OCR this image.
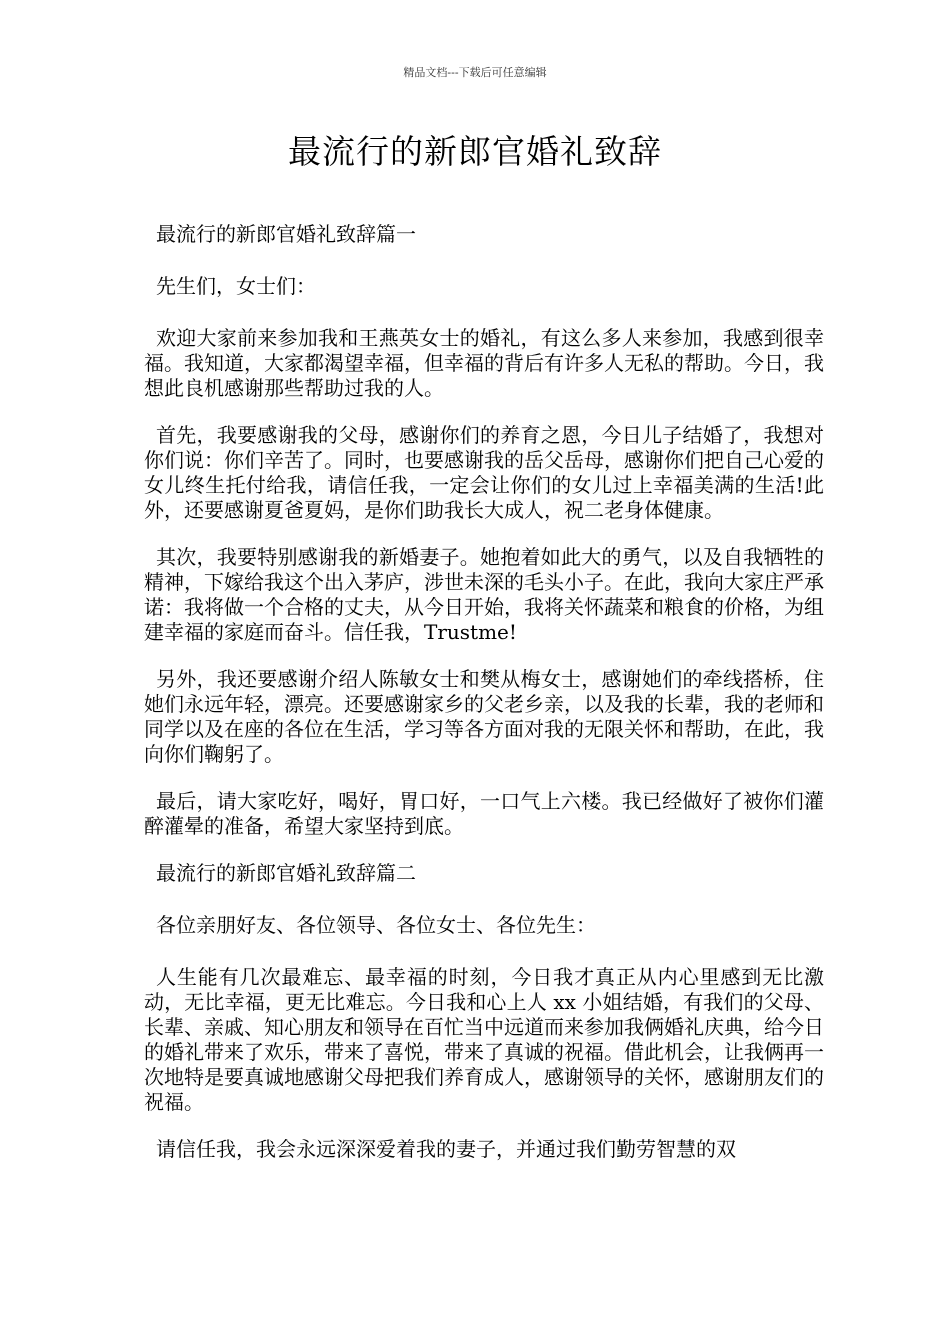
精品文档---下载后可任意编辑
最流行的新郎官婚礼致辞

最流行的新郎官婚礼致辞篇一

先生们，女士们：

欢迎大家前来参加我和王燕英女士的婚礼，有这么多人来参加，我感到很幸福。我知道，大家都渴望幸福，但幸福的背后有许多人无私的帮助。今日，我想此良机感谢那些帮助过我的人。

首先，我要感谢我的父母，感谢你们的养育之恩，今日儿子结婚了，我想对你们说：你们辛苦了。同时，也要感谢我的岳父岳母，感谢你们把自己心爱的女儿终生托付给我，请信任我，一定会让你们的女儿过上幸福美满的生活!此外，还要感谢夏爸夏妈，是你们助我长大成人，祝二老身体健康。

其次，我要特别感谢我的新婚妻子。她抱着如此大的勇气，以及自我牺牲的精神，下嫁给我这个出入茅庐，涉世未深的毛头小子。在此，我向大家庄严承诺：我将做一个合格的丈夫，从今日开始，我将关怀蔬菜和粮食的价格，为组建幸福的家庭而奋斗。信任我，Trustme!

另外，我还要感谢介绍人陈敏女士和樊从梅女士，感谢她们的牵线搭桥，住她们永远年轻，漂亮。还要感谢家乡的父老乡亲，以及我的长辈，我的老师和同学以及在座的各位在生活，学习等各方面对我的无限关怀和帮助，在此，我向你们鞠躬了。

最后，请大家吃好，喝好，胃口好，一口气上六楼。我已经做好了被你们灌醉灌晕的准备，希望大家坚持到底。

最流行的新郎官婚礼致辞篇二

各位亲朋好友、各位领导、各位女士、各位先生：

人生能有几次最难忘、最幸福的时刻，今日我才真正从内心里感到无比激动，无比幸福，更无比难忘。今日我和心上人 xx 小姐结婚，有我们的父母、长辈、亲戚、知心朋友和领导在百忙当中远道而来参加我俩婚礼庆典，给今日的婚礼带来了欢乐，带来了喜悦，带来了真诚的祝福。借此机会，让我俩再一次地特是要真诚地感谢父母把我们养育成人，感谢领导的关怀，感谢朋友们的祝福。

请信任我，我会永远深深爱着我的妻子，并通过我们勤劳智慧的双
